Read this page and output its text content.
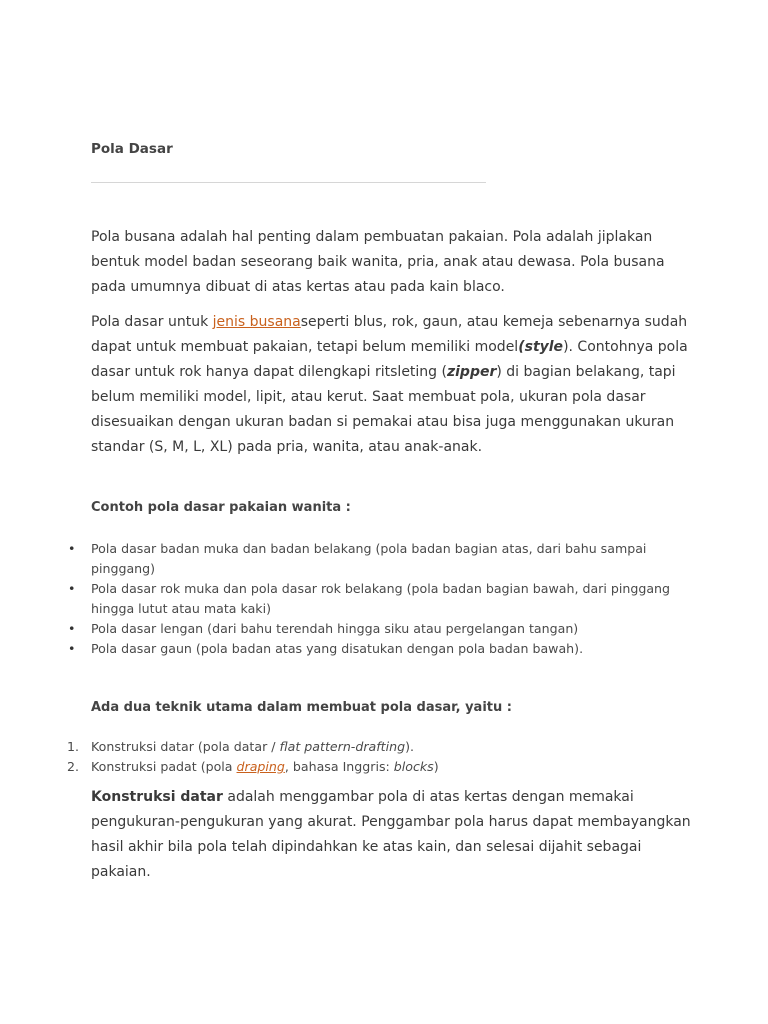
Pola Dasar

Pola busana adalah hal penting dalam pembuatan pakaian. Pola adalah jiplakan bentuk model badan seseorang baik wanita, pria, anak atau dewasa. Pola busana pada umumnya dibuat di atas kertas atau pada kain blaco.

Pola dasar untuk jenis busanaseperti blus, rok, gaun, atau kemeja sebenarnya sudah dapat untuk membuat pakaian, tetapi belum memiliki model(style). Contohnya pola dasar untuk rok hanya dapat dilengkapi ritsleting (zipper) di bagian belakang, tapi belum memiliki model, lipit, atau kerut. Saat membuat pola, ukuran pola dasar disesuaikan dengan ukuran badan si pemakai atau bisa juga menggunakan ukuran standar (S, M, L, XL) pada pria, wanita, atau anak-anak.

Contoh pola dasar pakaian wanita :
• Pola dasar badan muka dan badan belakang (pola badan bagian atas, dari bahu sampai pinggang)
• Pola dasar rok muka dan pola dasar rok belakang (pola badan bagian bawah, dari pinggang hingga lutut atau mata kaki)
• Pola dasar lengan (dari bahu terendah hingga siku atau pergelangan tangan)
• Pola dasar gaun (pola badan atas yang disatukan dengan pola badan bawah).
Ada dua teknik utama dalam membuat pola dasar, yaitu :
1. Konstruksi datar (pola datar / flat pattern-drafting).
2. Konstruksi padat (pola draping, bahasa Inggris: blocks)

Konstruksi datar adalah menggambar pola di atas kertas dengan memakai pengukuran-pengukuran yang akurat. Penggambar pola harus dapat membayangkan hasil akhir bila pola telah dipindahkan ke atas kain, dan selesai dijahit sebagai pakaian.
